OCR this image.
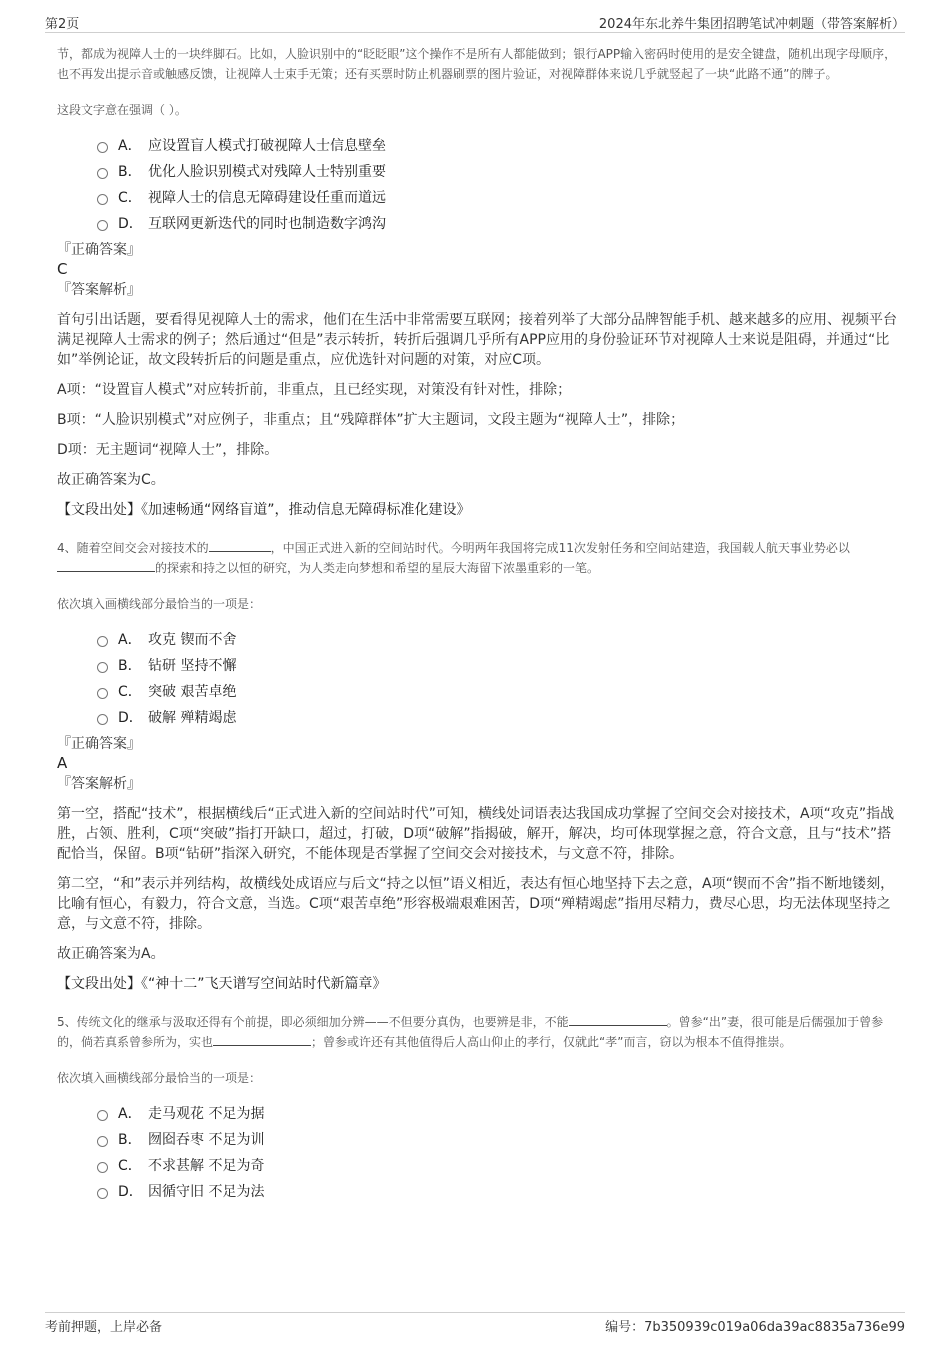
第2页	2024年东北养牛集团招聘笔试冲刺题（带答案解析）

节，都成为视障人士的一块绊脚石。比如，人脸识别中的“眨眨眼”这个操作不是所有人都能做到；银行APP输入密码时使用的是安全键盘，随机出现字母顺序，也不再发出提示音或触感反馈，让视障人士束手无策；还有买票时防止机器刷票的图片验证，对视障群体来说几乎就竖起了一块“此路不通”的牌子。

这段文字意在强调（ ）。

A． 应设置盲人模式打破视障人士信息壁垒
B． 优化人脸识别模式对残障人士特别重要
C． 视障人士的信息无障碍建设任重而道远
D． 互联网更新迭代的同时也制造数字鸿沟
『正确答案』
C
『答案解析』

首句引出话题，要看得见视障人士的需求，他们在生活中非常需要互联网；接着列举了大部分品牌智能手机、越来越多的应用、视频平台满足视障人士需求的例子；然后通过“但是”表示转折，转折后强调几乎所有APP应用的身份验证环节对视障人士来说是阻碍，并通过“比如”举例论证，故文段转折后的问题是重点，应优选针对问题的对策，对应C项。

A项：“设置盲人模式”对应转折前，非重点，且已经实现，对策没有针对性，排除；

B项：“人脸识别模式”对应例子，非重点；且“残障群体”扩大主题词，文段主题为“视障人士”，排除；

D项：无主题词“视障人士”，排除。

故正确答案为C。

【文段出处】《加速畅通“网络盲道”，推动信息无障碍标准化建设》

4、随着空间交会对接技术的	，中国正式进入新的空间站时代。今明两年我国将完成11次发射任务和空间站建造，我国载人航天事业势必以的探索和持之以恒的研究，为人类走向梦想和希望的星辰大海留下浓墨重彩的一笔。

依次填入画横线部分最恰当的一项是：

A． 攻克 锲而不舍
B． 钻研 坚持不懈
C． 突破 艰苦卓绝
D． 破解 殚精竭虑
『正确答案』
A
『答案解析』

第一空，搭配“技术”，根据横线后“正式进入新的空间站时代”可知，横线处词语表达我国成功掌握了空间交会对接技术，A项“攻克”指战胜，占领、胜利，C项“突破”指打开缺口，超过，打破，D项“破解”指揭破，解开，解决，均可体现掌握之意，符合文意，且与“技术”搭配恰当，保留。B项“钻研”指深入研究，不能体现是否掌握了空间交会对接技术，与文意不符，排除。

第二空，“和”表示并列结构，故横线处成语应与后文“持之以恒”语义相近，表达有恒心地坚持下去之意，A项“锲而不舍”指不断地镂刻，比喻有恒心，有毅力，符合文意，当选。C项“艰苦卓绝”形容极端艰难困苦，D项“殚精竭虑”指用尽精力，费尽心思，均无法体现坚持之意，与文意不符，排除。

故正确答案为A。

【文段出处】《“神十二”飞天谱写空间站时代新篇章》

5、传统文化的继承与汲取还得有个前提，即必须细加分辨——不但要分真伪，也要辨是非，不能	。曾参“出”妻，很可能是后儒强加于曾参的，倘若真系曾参所为，实也	；曾参或许还有其他值得后人高山仰止的孝行，仅就此“孝”而言，窃以为根本不值得推崇。

依次填入画横线部分最恰当的一项是：

A． 走马观花 不足为据
B． 囫囵吞枣 不足为训
C． 不求甚解 不足为奇
D． 因循守旧 不足为法
考前押题，上岸必备	编号：7b350939c019a06da39ac8835a736e99
